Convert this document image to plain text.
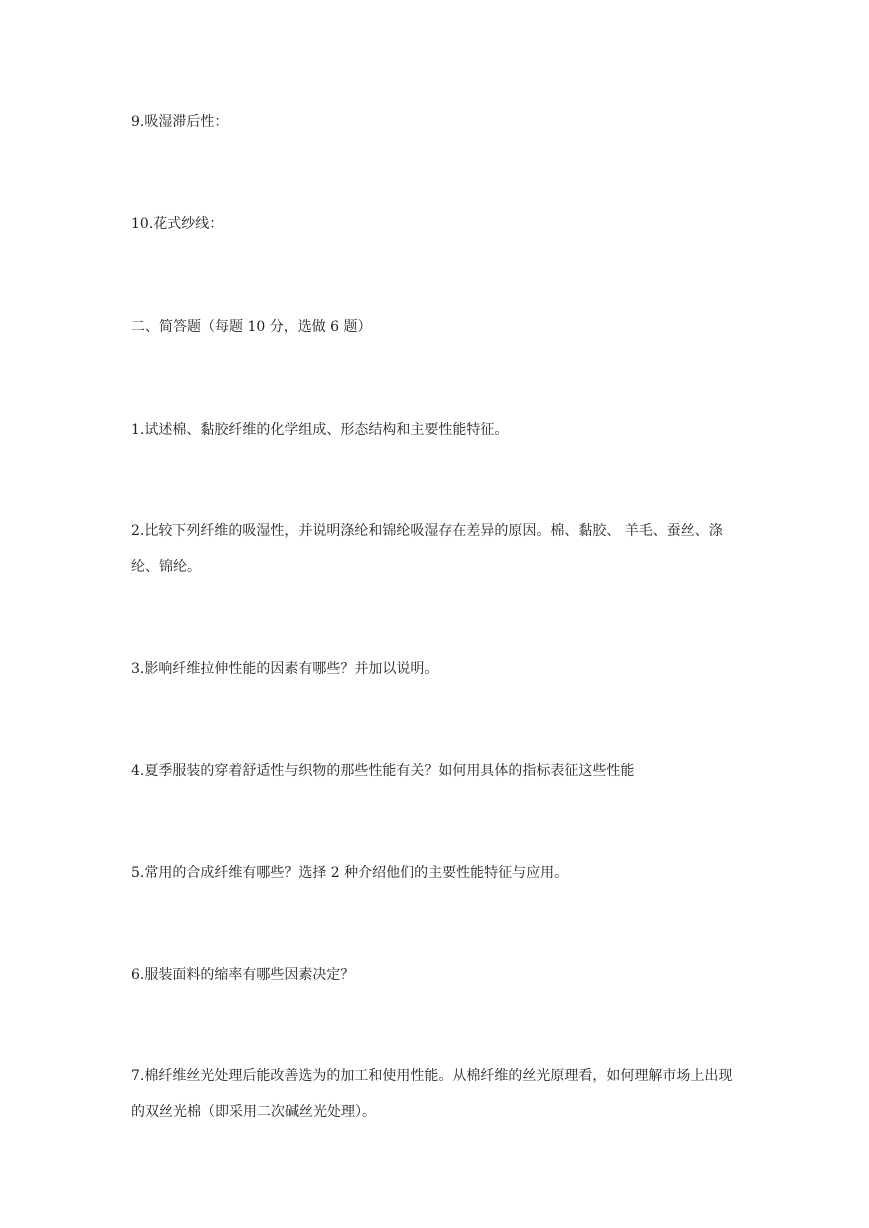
9.吸湿滞后性：
10.花式纱线：
二、简答题（每题 10 分，选做 6 题）
1.试述棉、黏胶纤维的化学组成、形态结构和主要性能特征。
2.比较下列纤维的吸湿性，并说明涤纶和锦纶吸湿存在差异的原因。棉、黏胶、 羊毛、蚕丝、涤纶、锦纶。
3.影响纤维拉伸性能的因素有哪些？并加以说明。
4.夏季服装的穿着舒适性与织物的那些性能有关？如何用具体的指标表征这些性能
5.常用的合成纤维有哪些？选择 2 种介绍他们的主要性能特征与应用。
6.服装面料的缩率有哪些因素决定？
7.棉纤维丝光处理后能改善选为的加工和使用性能。从棉纤维的丝光原理看，如何理解市场上出现的双丝光棉（即采用二次碱丝光处理）。
